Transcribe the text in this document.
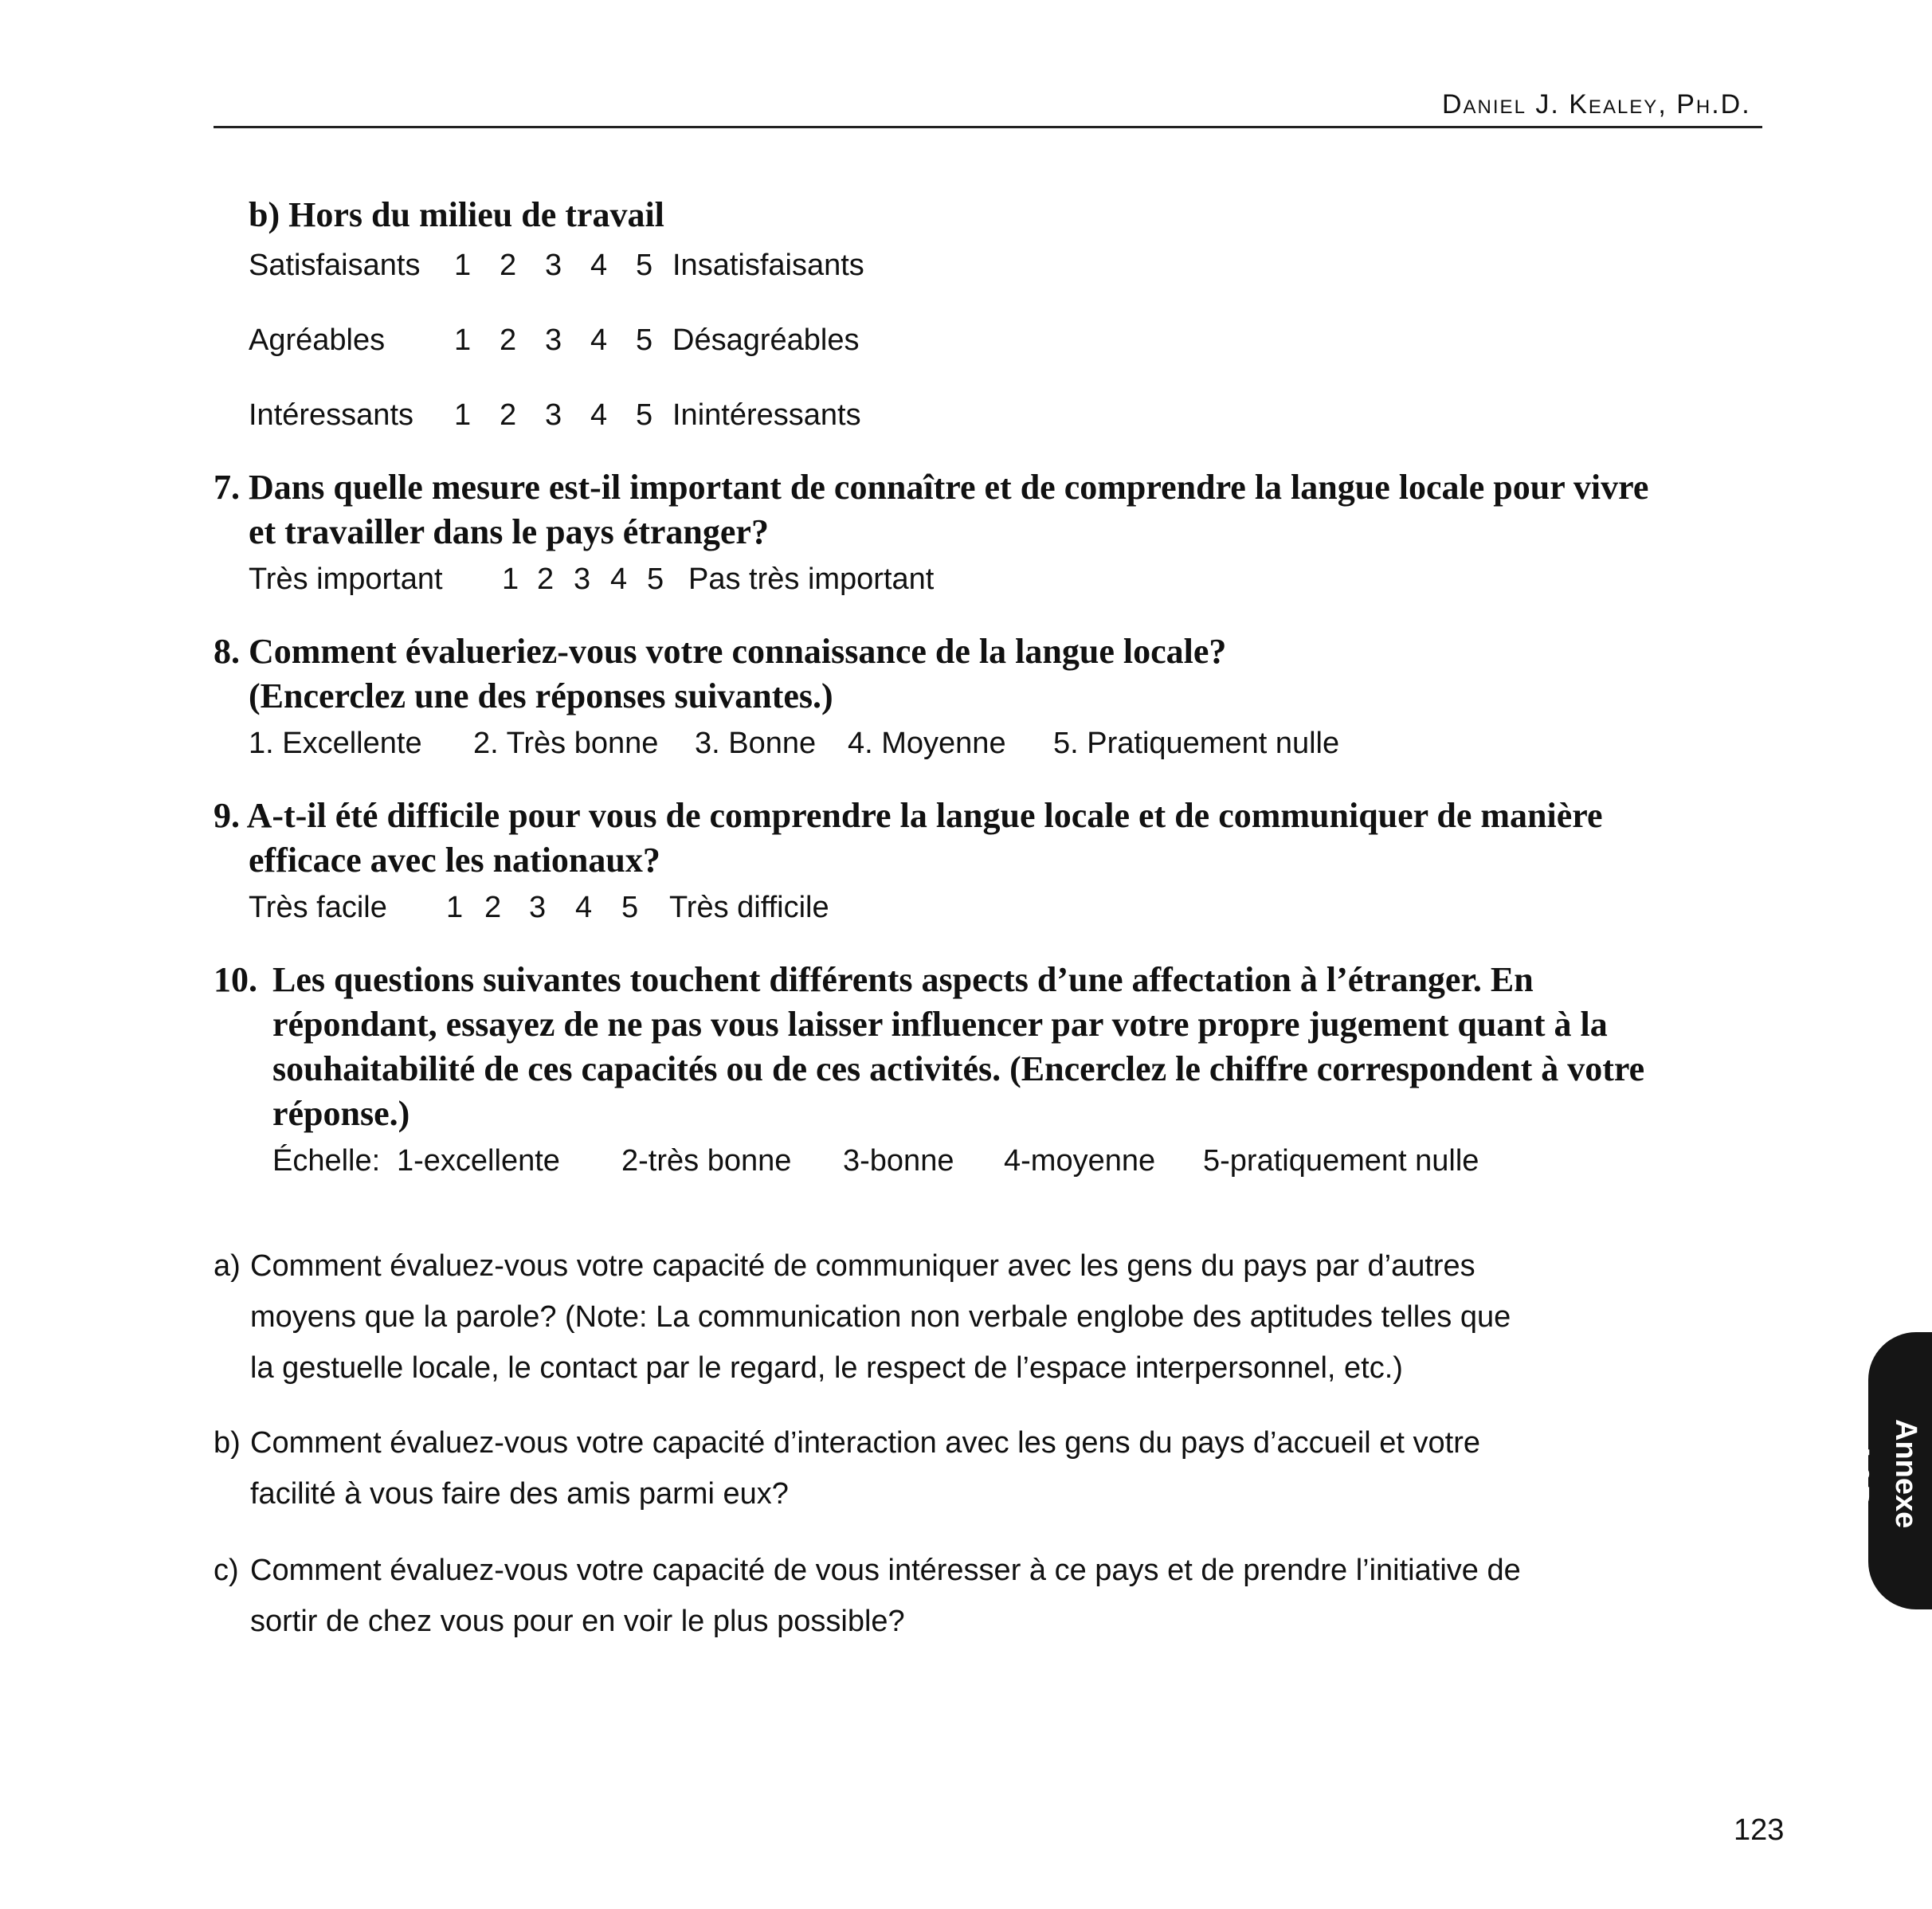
Daniel J. Kealey, Ph.D.
b) Hors du milieu de travail
Satisfaisants 1 2 3 4 5 Insatisfaisants
Agréables 1 2 3 4 5 Désagréables
Intéressants 1 2 3 4 5 Inintéressants
7. Dans quelle mesure est-il important de connaître et de comprendre la langue locale pour vivre
et travailler dans le pays étranger?
Très important 1 2 3 4 5 Pas très important
8. Comment évalueriez-vous votre connaissance de la langue locale?
(Encerclez une des réponses suivantes.)
1. Excellente 2. Très bonne 3. Bonne 4. Moyenne 5. Pratiquement nulle
9. A-t-il été difficile pour vous de comprendre la langue locale et de communiquer de manière
efficace avec les nationaux?
Très facile 1 2 3 4 5 Très difficile
10. Les questions suivantes touchent différents aspects d’une affectation à l’étranger. En
répondant, essayez de ne pas vous laisser influencer par votre propre jugement quant à la
souhaitabilité de ces capacités ou de ces activités. (Encerclez le chiffre correspondent à votre
réponse.)
Échelle: 1-excellente 2-très bonne 3-bonne 4-moyenne 5-pratiquement nulle
a) Comment évaluez-vous votre capacité de communiquer avec les gens du pays par d’autres
moyens que la parole? (Note: La communication non verbale englobe des aptitudes telles que
la gestuelle locale, le contact par le regard, le respect de l’espace interpersonnel, etc.)
b) Comment évaluez-vous votre capacité d’interaction avec les gens du pays d’accueil et votre
facilité à vous faire des amis parmi eux?
c) Comment évaluez-vous votre capacité de vous intéresser à ce pays et de prendre l’initiative de
sortir de chez vous pour en voir le plus possible?
Annexe A&B
123
